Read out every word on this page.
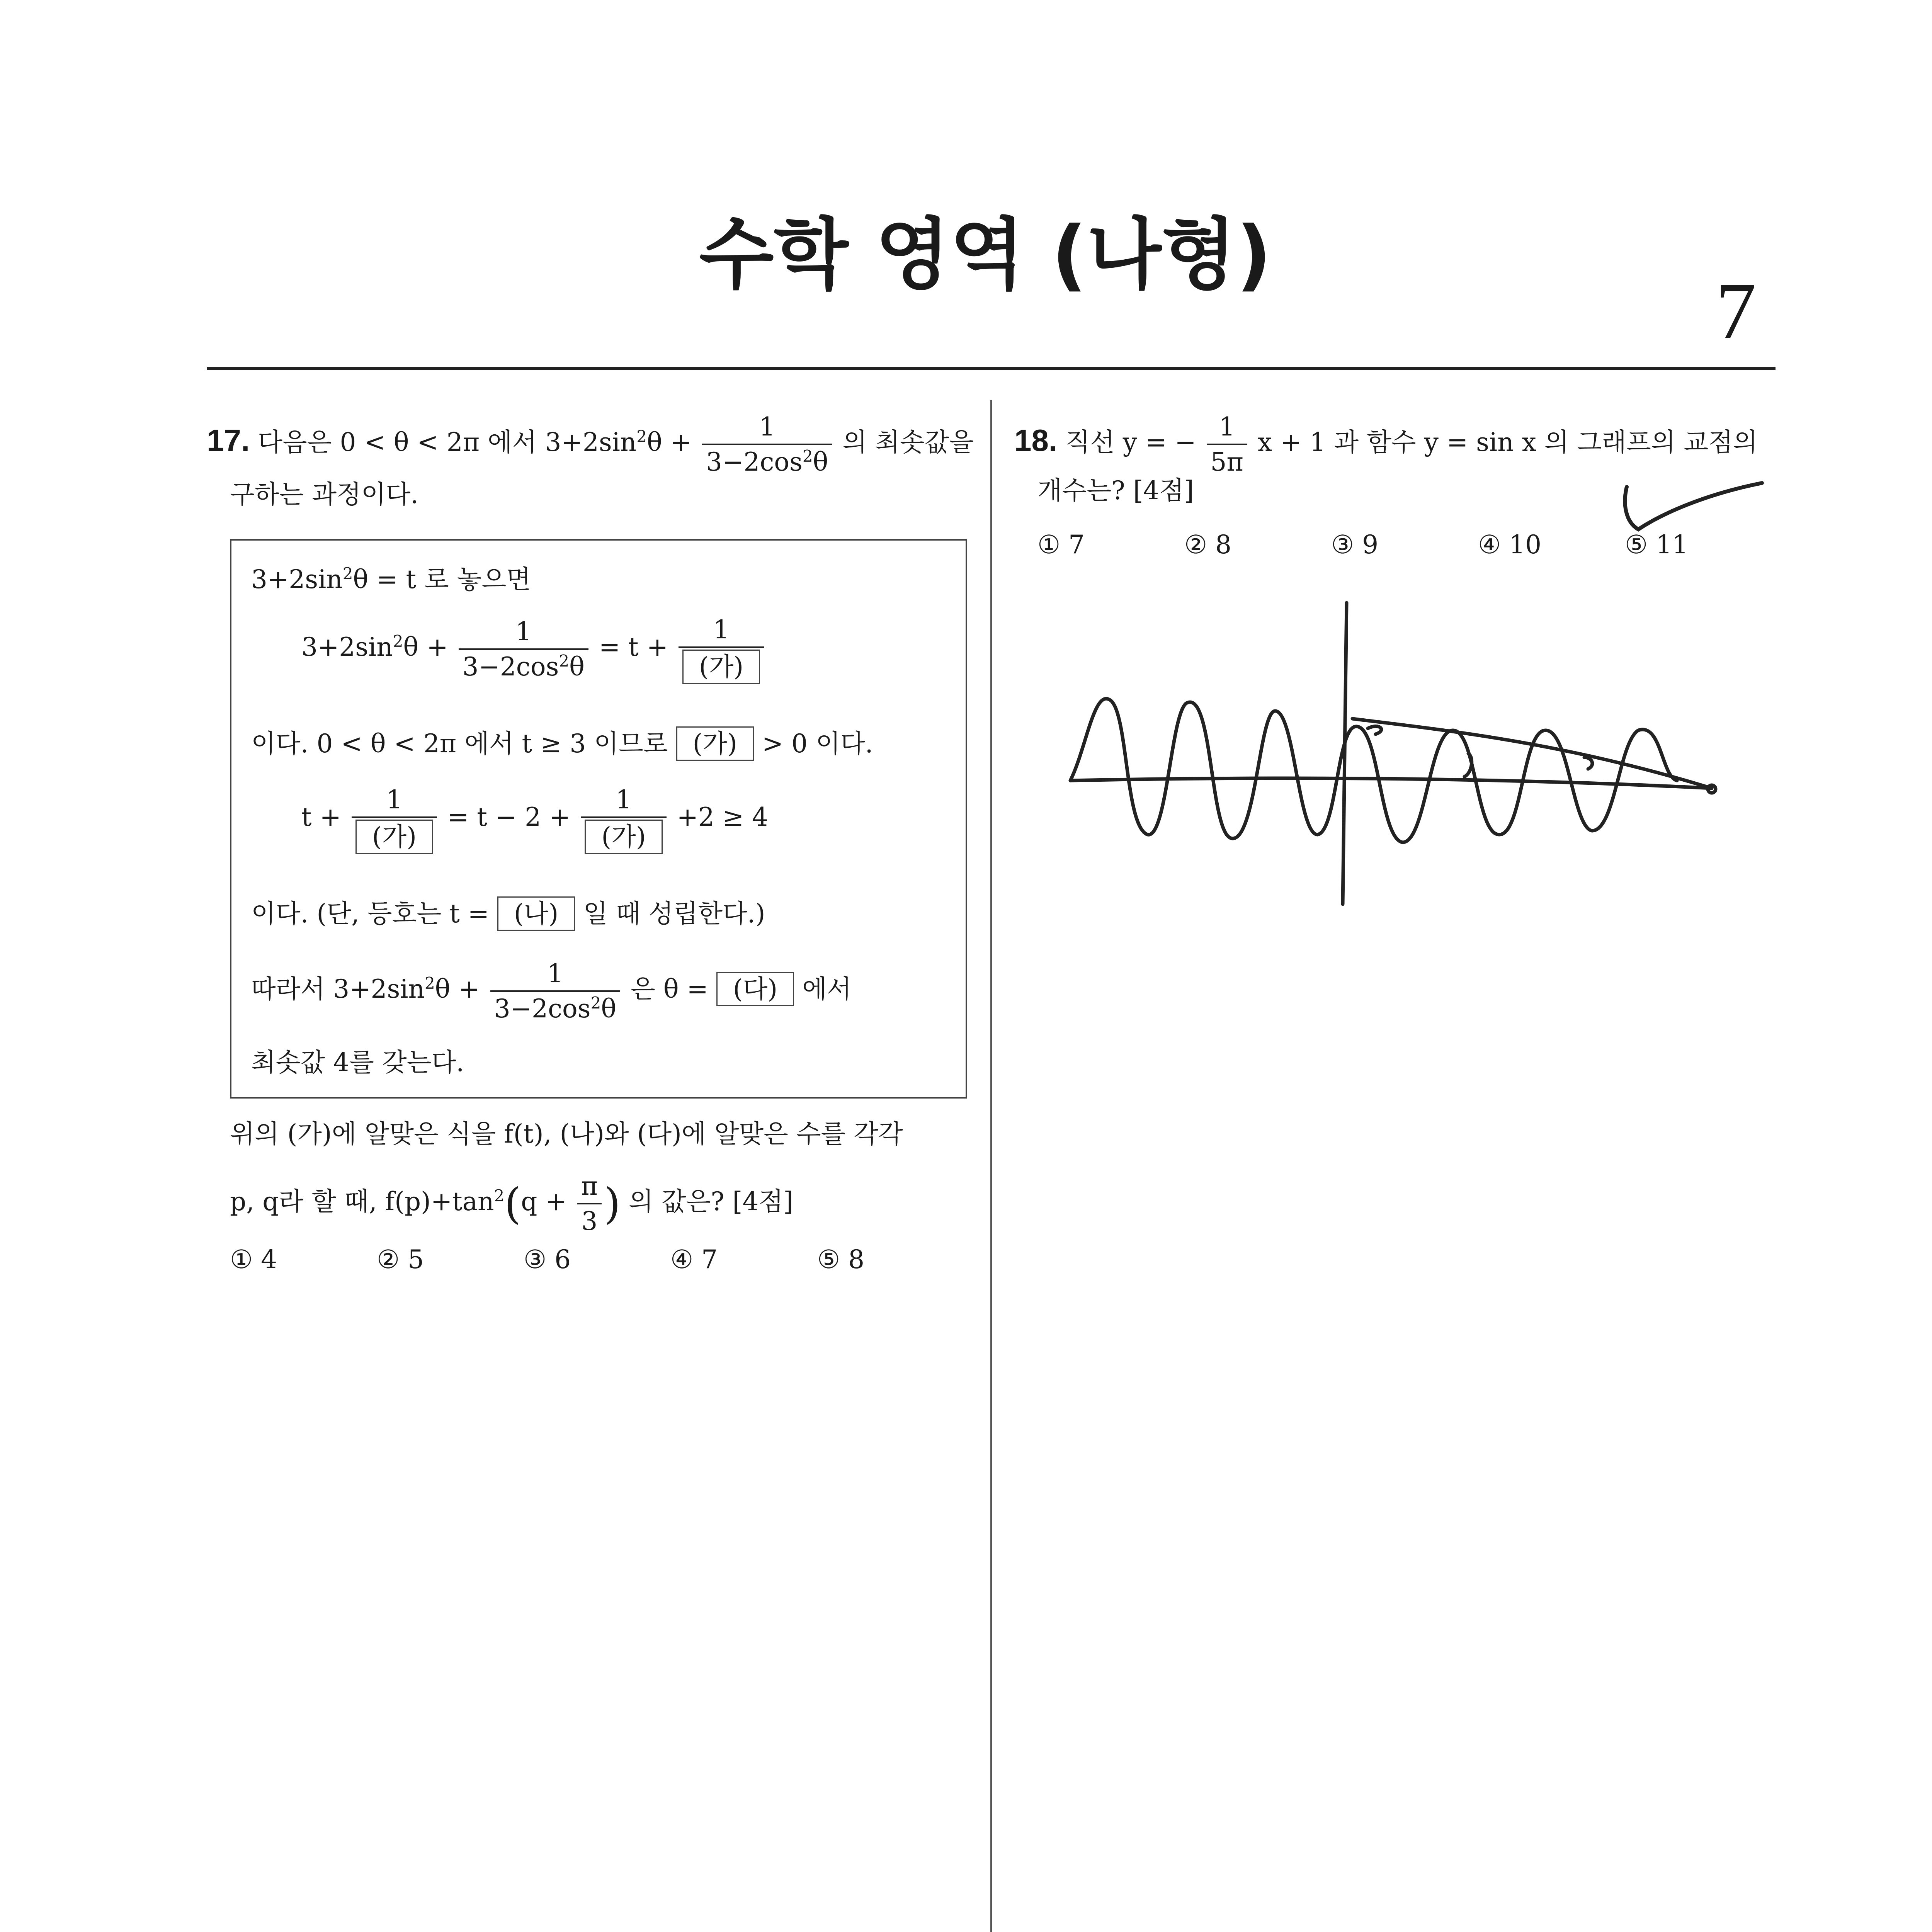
수학 영역 (나형)
7
17. 다음은 0 < θ < 2π 에서 $3+2\sin^2\theta + \frac{1}{3-2\cos^2\theta}$ 의 최솟값을
구하는 과정이다.
$3+2\sin^2\theta = t$ 로 놓으면
$3+2\sin^2\theta + \frac{1}{3-2\cos^2\theta} = t + \frac{1}{\text{(가)}}$
이다. 0 < θ < 2π 에서 t ≥ 3 이므로 (가) > 0 이다.
$t + \frac{1}{\text{(가)}} = t - 2 + \frac{1}{\text{(가)}} +2 \ge 4$
이다. (단, 등호는 t = (나) 일 때 성립한다.)
따라서 $3+2\sin^2\theta + \frac{1}{3-2\cos^2\theta}$ 은 θ = (다) 에서
최솟값 4를 갖는다.
위의 (가)에 알맞은 식을 f(t), (나)와 (다)에 알맞은 수를 각각
p, q라 할 때, $f(p)+\tan^2(q + \frac{\pi}{3}$ ) 의 값은? [4점]
① 4	② 5	③ 6	④ 7	⑤ 8
18. 직선 y = − $\frac{1}{5\pi}$ x + 1 과 함수 y = sin x 의 그래프의 교점의
개수는? [4점]
① 7	② 8	③ 9	④ 10	⑤ 11
